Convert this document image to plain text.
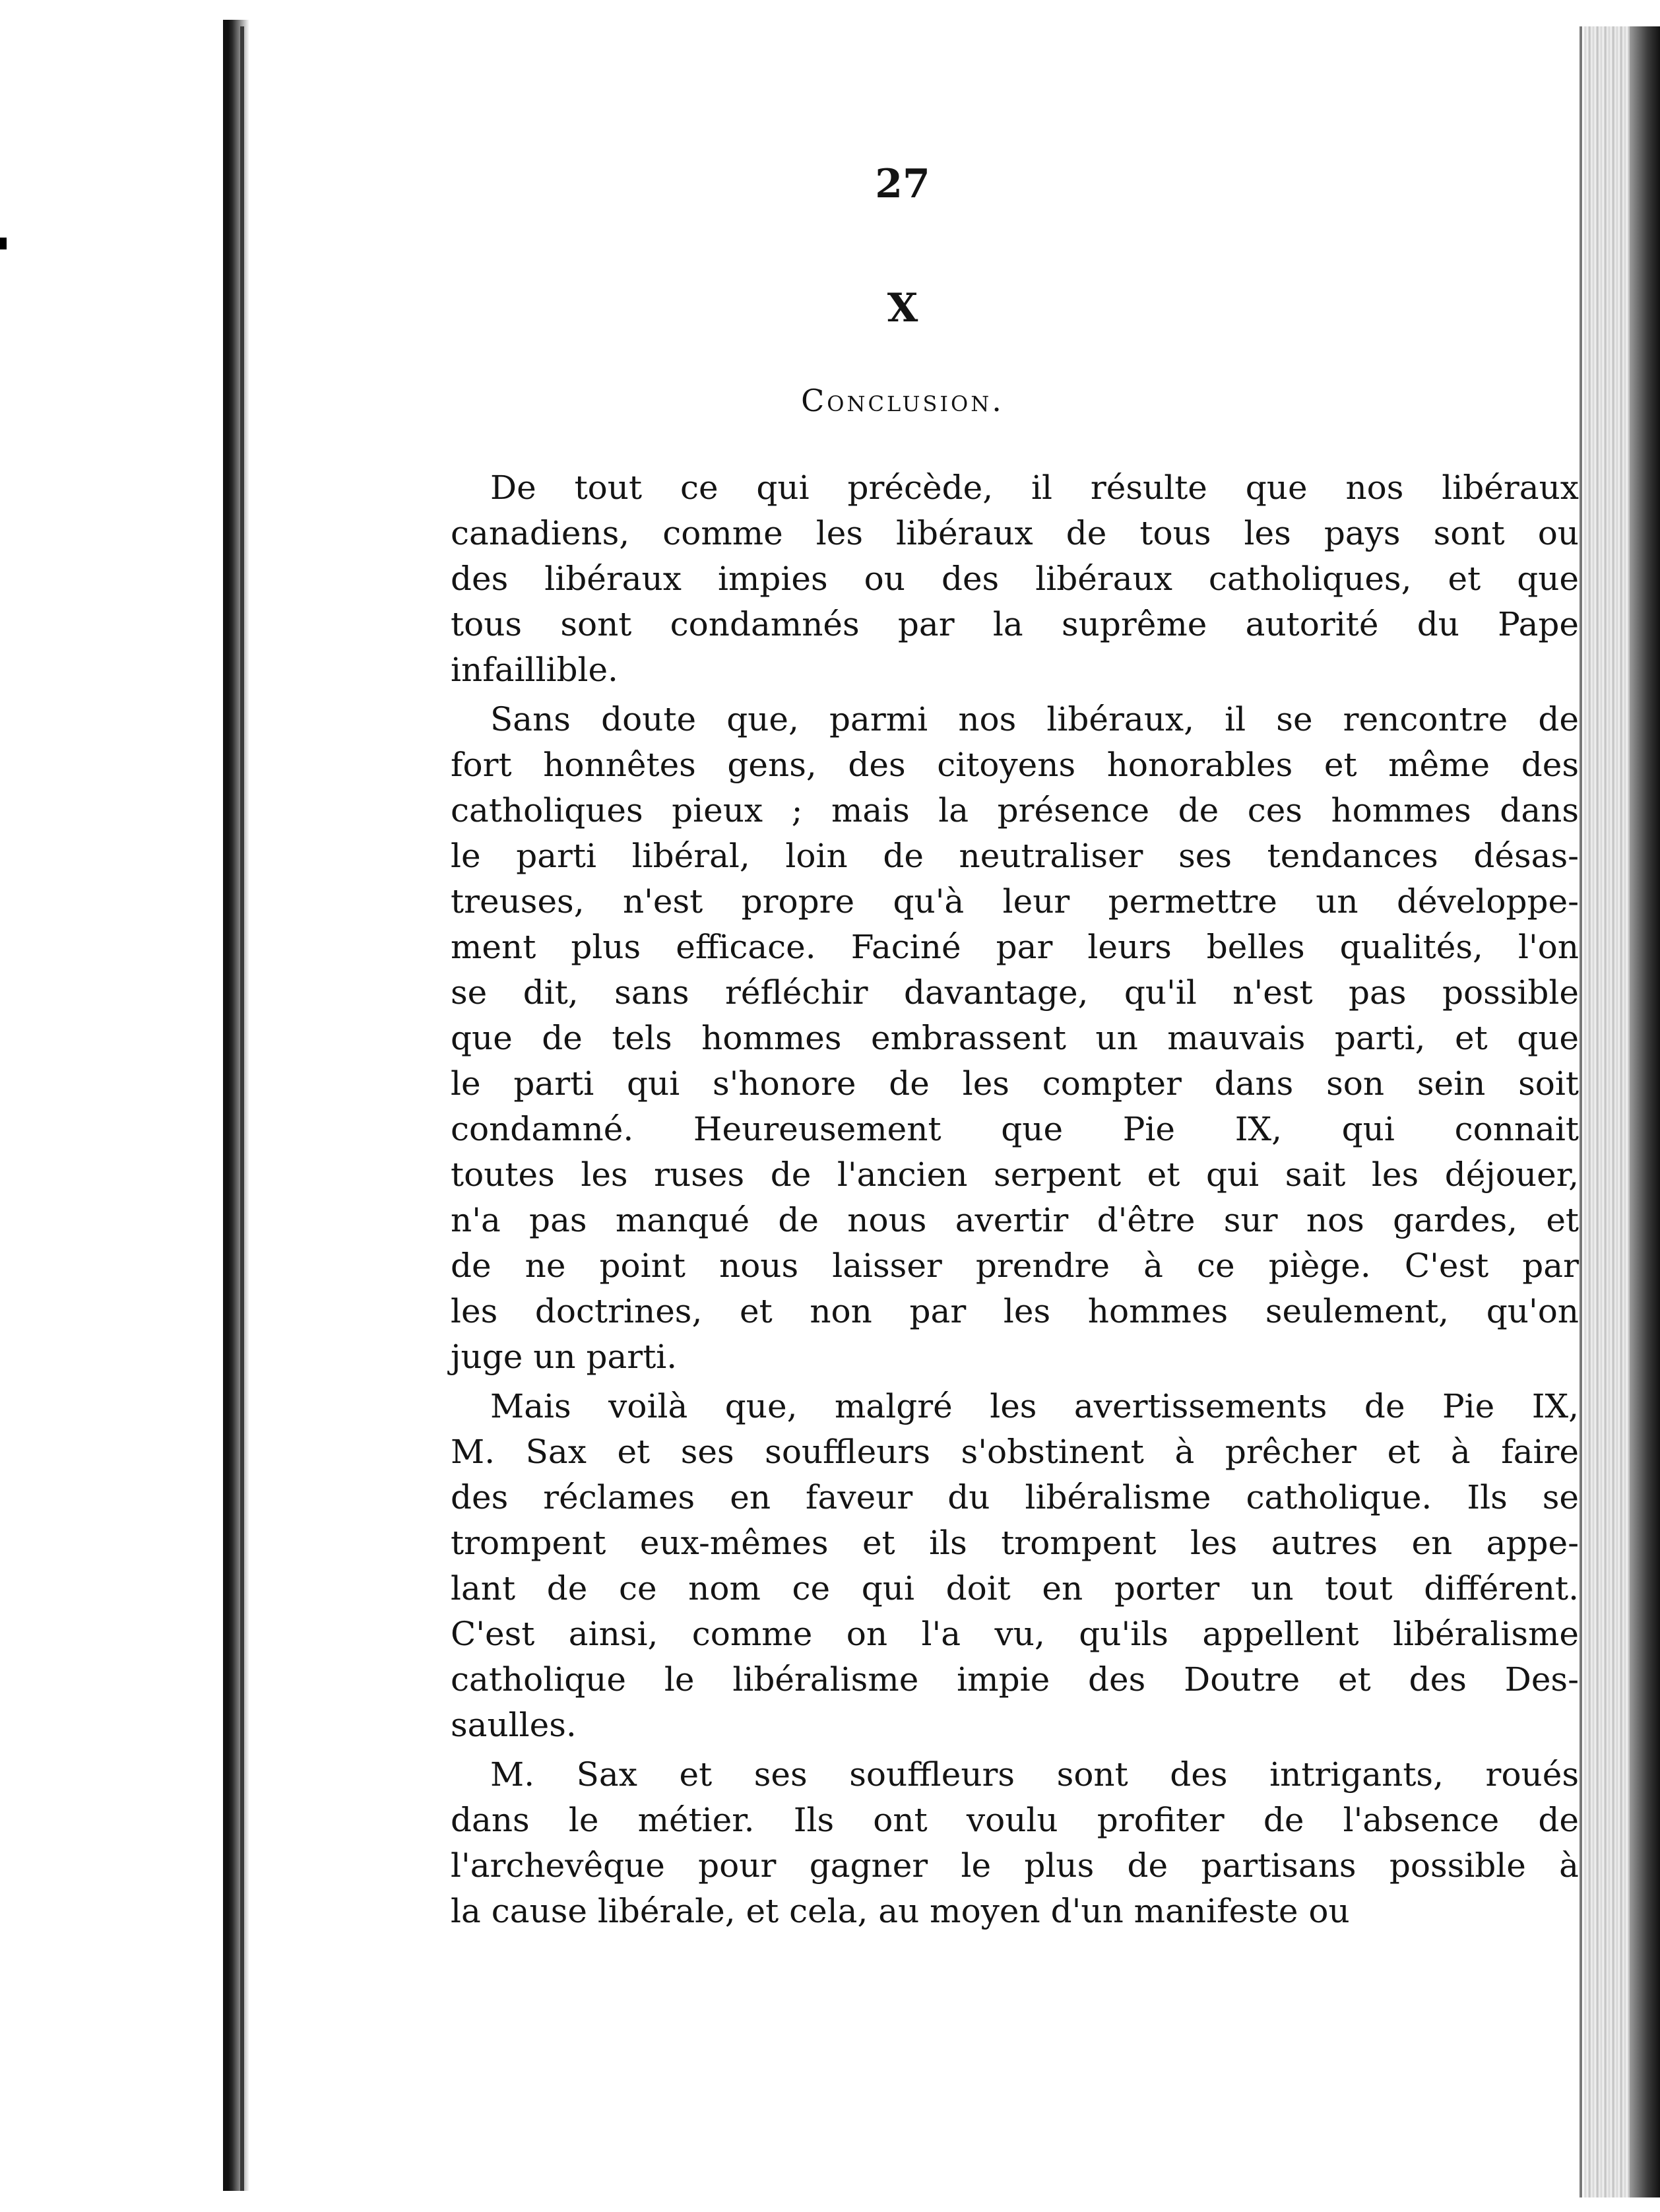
27
X
Conclusion.
De tout ce qui précède, il résulte que nos libéraux
canadiens, comme les libéraux de tous les pays sont ou
des libéraux impies ou des libéraux catholiques, et que
tous sont condamnés par la suprême autorité du Pape
infaillible.
Sans doute que, parmi nos libéraux, il se rencontre de
fort honnêtes gens, des citoyens honorables et même des
catholiques pieux ; mais la présence de ces hommes dans
le parti libéral, loin de neutraliser ses tendances désas-
treuses, n'est propre qu'à leur permettre un développe-
ment plus efficace. Faciné par leurs belles qualités, l'on
se dit, sans réfléchir davantage, qu'il n'est pas possible
que de tels hommes embrassent un mauvais parti, et que
le parti qui s'honore de les compter dans son sein soit
condamné. Heureusement que Pie IX, qui connait
toutes les ruses de l'ancien serpent et qui sait les déjouer,
n'a pas manqué de nous avertir d'être sur nos gardes, et
de ne point nous laisser prendre à ce piège. C'est par
les doctrines, et non par les hommes seulement, qu'on
juge un parti.
Mais voilà que, malgré les avertissements de Pie IX,
M. Sax et ses souffleurs s'obstinent à prêcher et à faire
des réclames en faveur du libéralisme catholique. Ils se
trompent eux-mêmes et ils trompent les autres en appe-
lant de ce nom ce qui doit en porter un tout différent.
C'est ainsi, comme on l'a vu, qu'ils appellent libéralisme
catholique le libéralisme impie des Doutre et des Des-
saulles.
M. Sax et ses souffleurs sont des intrigants, roués
dans le métier. Ils ont voulu profiter de l'absence de
l'archevêque pour gagner le plus de partisans possible à
la cause libérale, et cela, au moyen d'un manifeste ou
